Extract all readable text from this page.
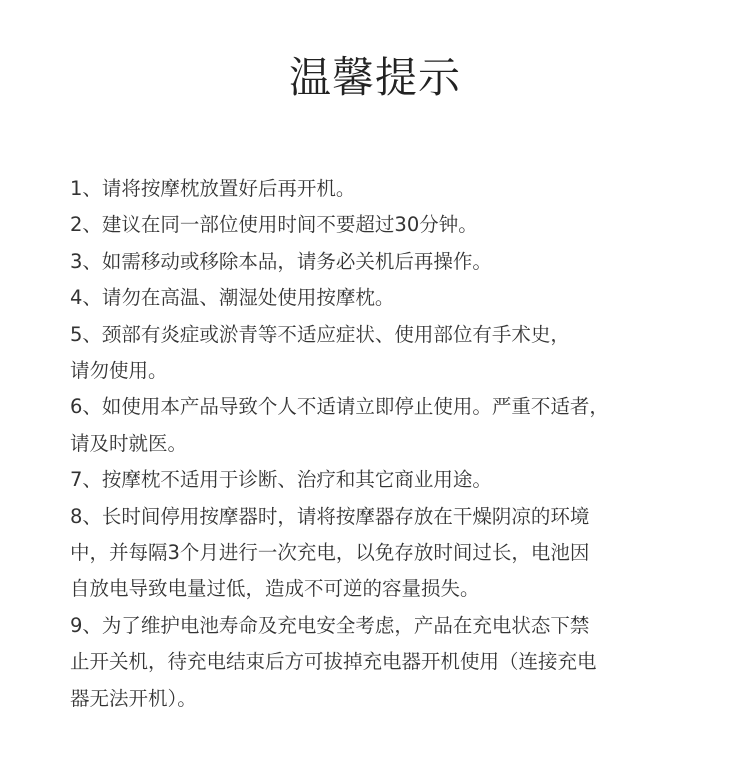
温馨提示
1、请将按摩枕放置好后再开机。
2、建议在同一部位使用时间不要超过30分钟。
3、如需移动或移除本品，请务必关机后再操作。
4、请勿在高温、潮湿处使用按摩枕。
5、颈部有炎症或淤青等不适应症状、使用部位有手术史，
请勿使用。
6、如使用本产品导致个人不适请立即停止使用。严重不适者，
请及时就医。
7、按摩枕不适用于诊断、治疗和其它商业用途。
8、长时间停用按摩器时，请将按摩器存放在干燥阴凉的环境
中，并每隔3个月进行一次充电，以免存放时间过长，电池因
自放电导致电量过低，造成不可逆的容量损失。
9、为了维护电池寿命及充电安全考虑，产品在充电状态下禁
止开关机，待充电结束后方可拔掉充电器开机使用（连接充电
器无法开机）。
